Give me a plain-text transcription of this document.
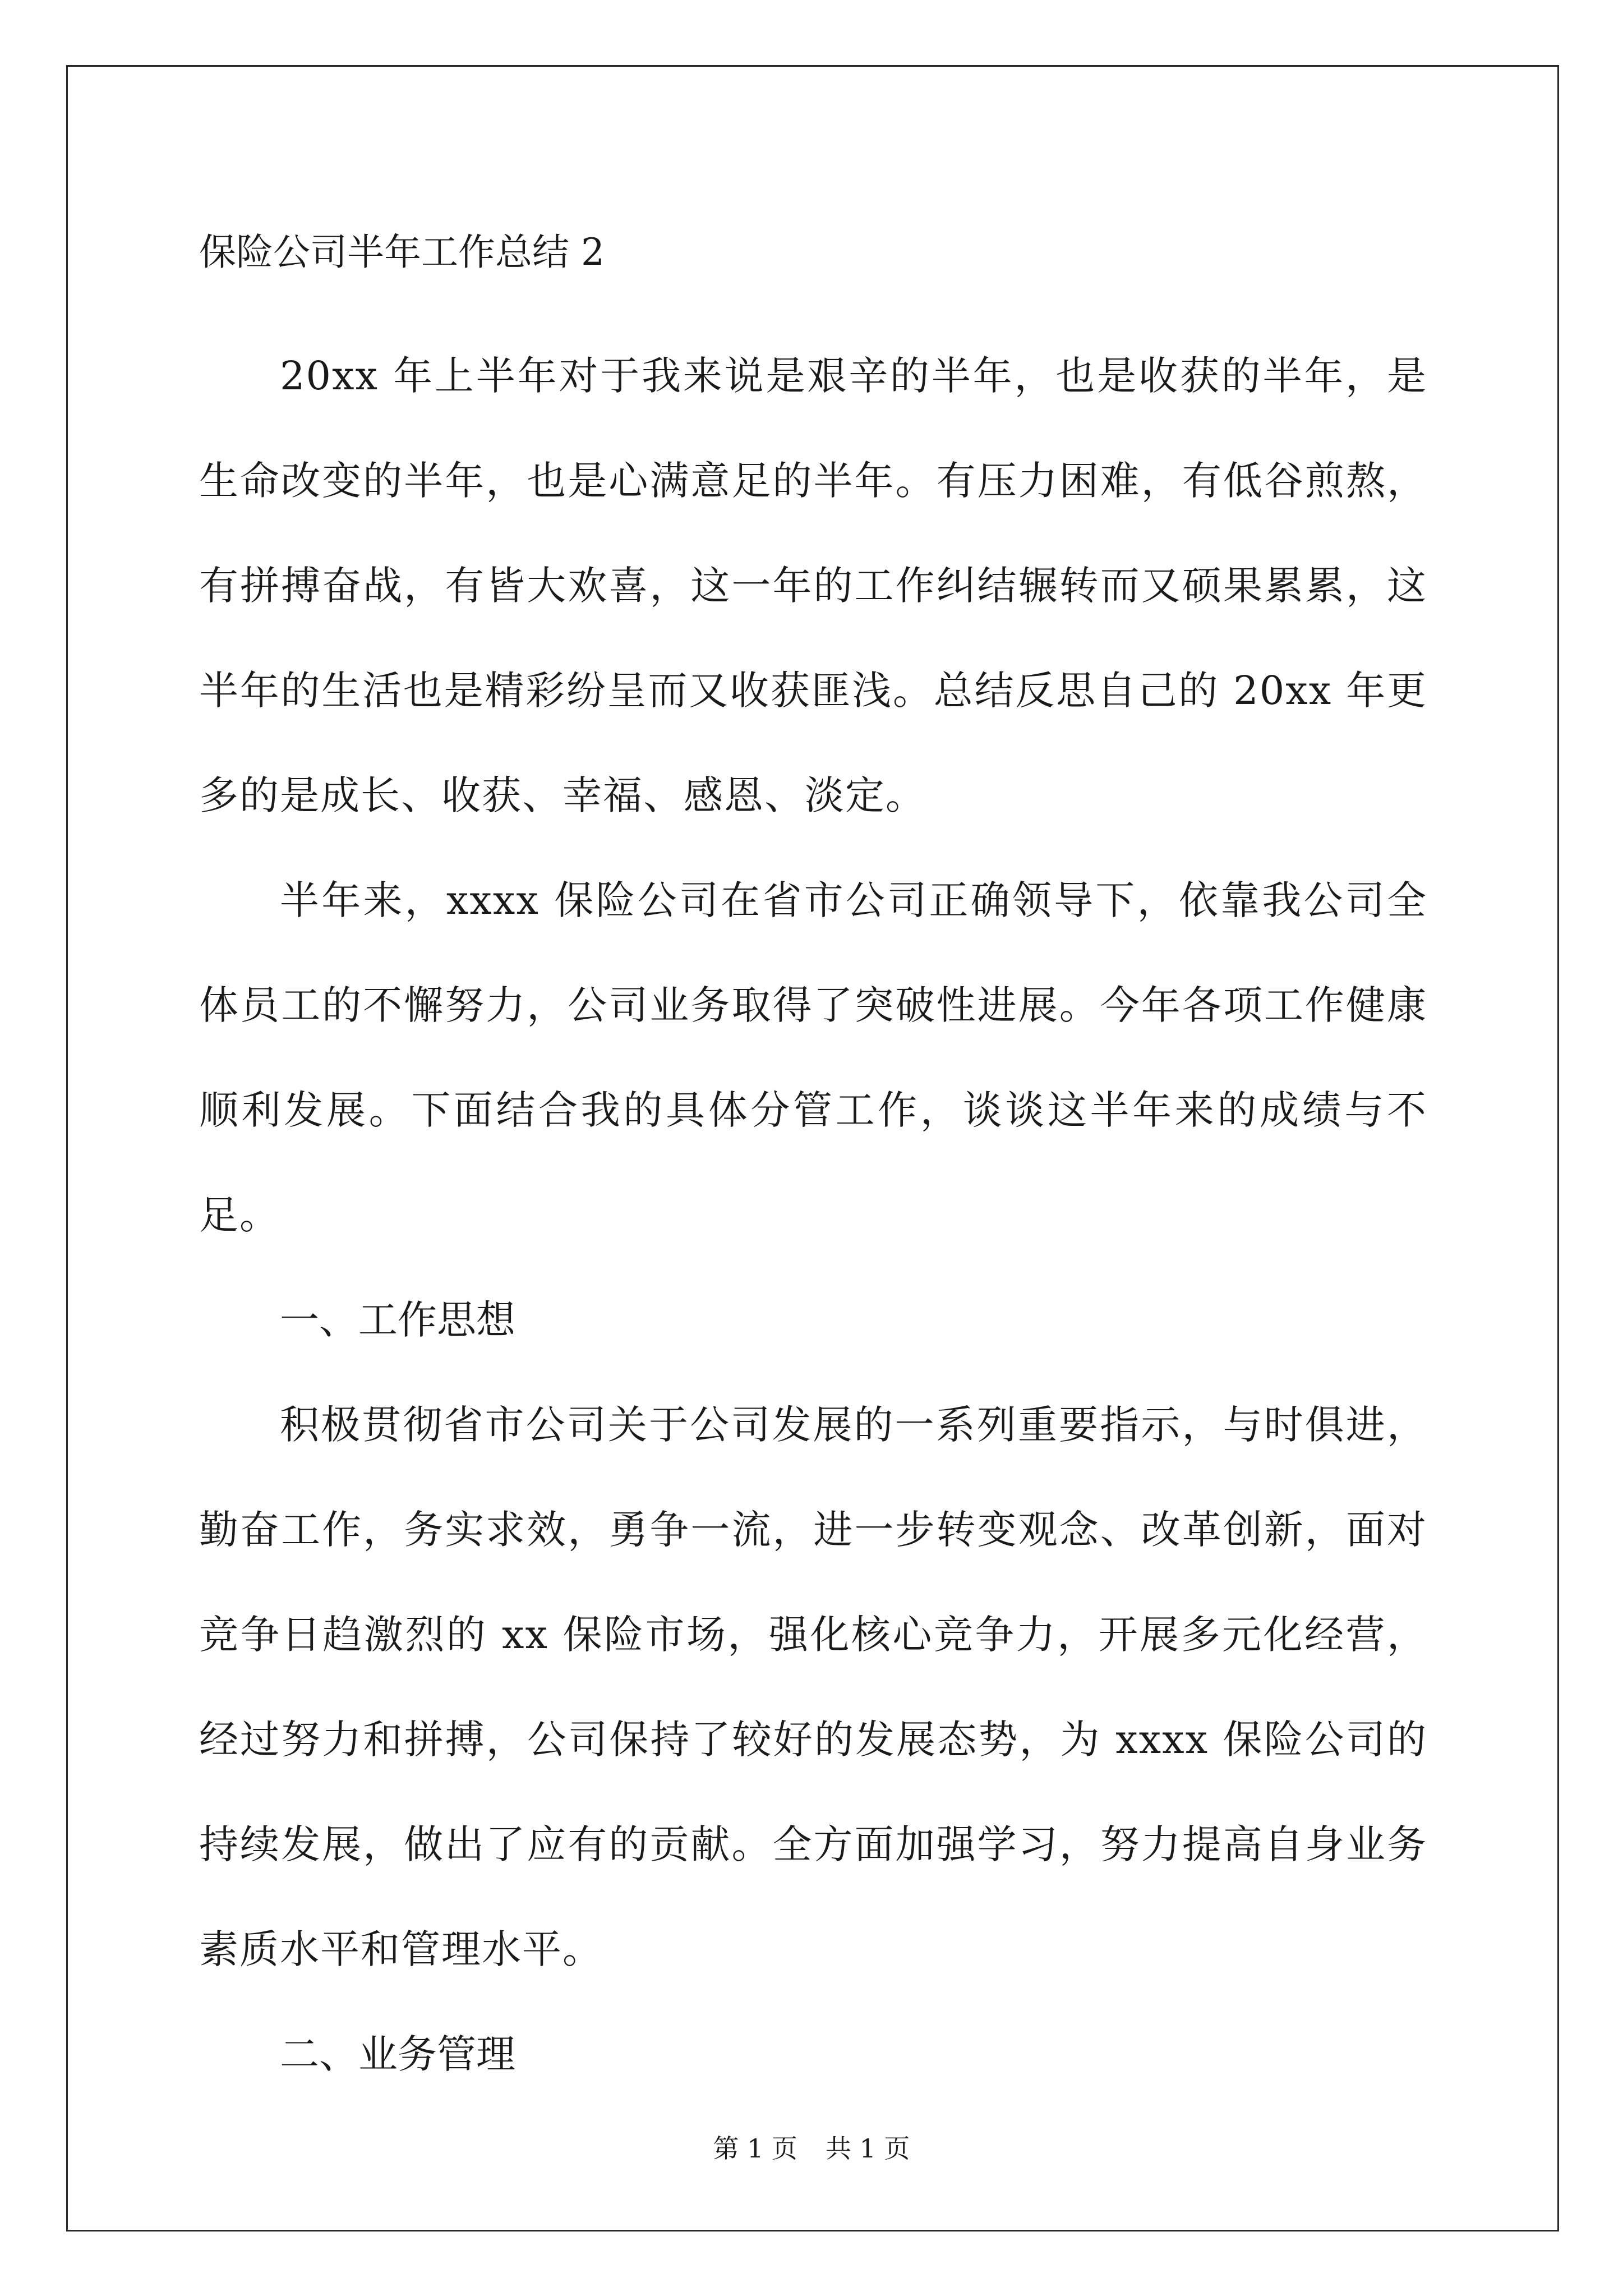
保险公司半年工作总结 2

20xx 年上半年对于我来说是艰辛的半年，也是收获的半年，是生命改变的半年，也是心满意足的半年。有压力困难，有低谷煎熬，有拼搏奋战，有皆大欢喜，这一年的工作纠结辗转而又硕果累累，这半年的生活也是精彩纷呈而又收获匪浅。总结反思自己的 20xx 年更多的是成长、收获、幸福、感恩、淡定。

半年来，xxxx 保险公司在省市公司正确领导下，依靠我公司全体员工的不懈努力，公司业务取得了突破性进展。今年各项工作健康顺利发展。下面结合我的具体分管工作，谈谈这半年来的成绩与不足。

一、工作思想

积极贯彻省市公司关于公司发展的一系列重要指示，与时俱进，勤奋工作，务实求效，勇争一流，进一步转变观念、改革创新，面对竞争日趋激烈的 xx 保险市场，强化核心竞争力，开展多元化经营，经过努力和拼搏，公司保持了较好的发展态势，为 xxxx 保险公司的持续发展，做出了应有的贡献。全方面加强学习，努力提高自身业务素质水平和管理水平。

二、业务管理
第 1 页 共 1 页
